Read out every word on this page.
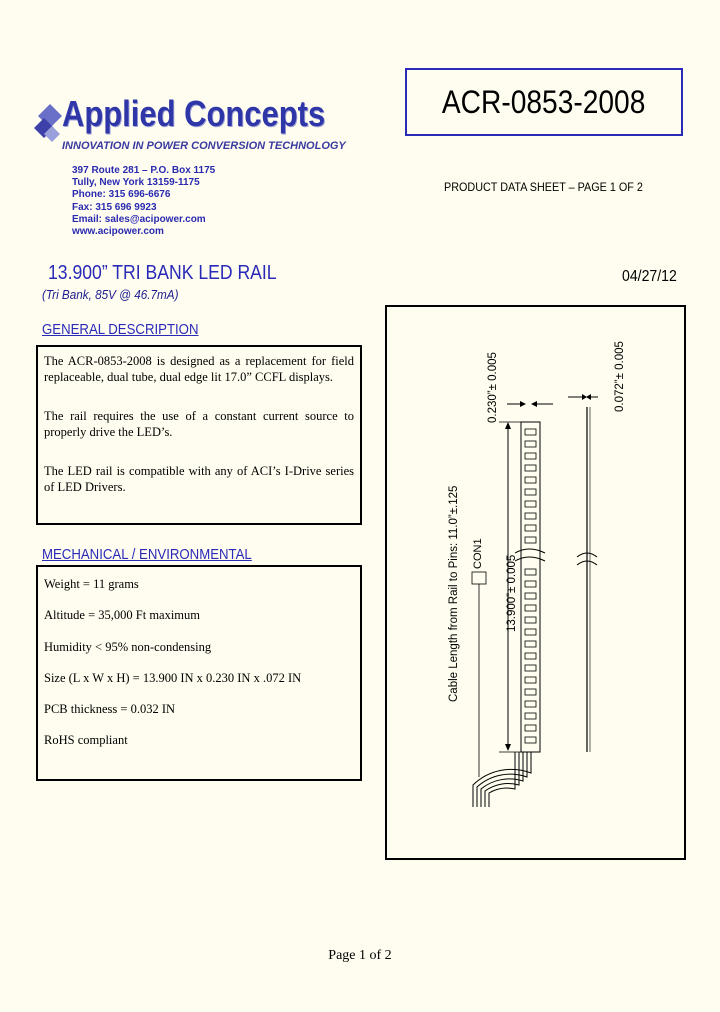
Applied Concepts
INNOVATION IN POWER CONVERSION TECHNOLOGY
397 Route 281 – P.O. Box 1175
Tully, New York 13159-1175
Phone: 315 696-6676
Fax: 315 696 9923
Email: sales@acipower.com
www.acipower.com
ACR-0853-2008
PRODUCT DATA SHEET – PAGE 1 OF 2
13.900” TRI BANK LED RAIL
(Tri Bank, 85V @ 46.7mA)
04/27/12
GENERAL DESCRIPTION

The ACR-0853-2008 is designed as a replacement for field replaceable, dual tube, dual edge lit 17.0” CCFL displays.

The rail requires the use of a constant current source to properly drive the LED’s.

The LED rail is compatible with any of ACI’s I-Drive series of LED Drivers.

MECHANICAL / ENVIRONMENTAL
Weight = 11 grams
Altitude = 35,000 Ft maximum
Humidity < 95% non-condensing
Size (L x W x H) = 13.900 IN x 0.230 IN x .072 IN
PCB thickness = 0.032 IN
RoHS compliant
0.230”± 0.005	0.072”± 0.005
13.900”± 0.005
CON1
Cable Length from Rail to Pins: 11.0”±.125
Page 1 of 2
